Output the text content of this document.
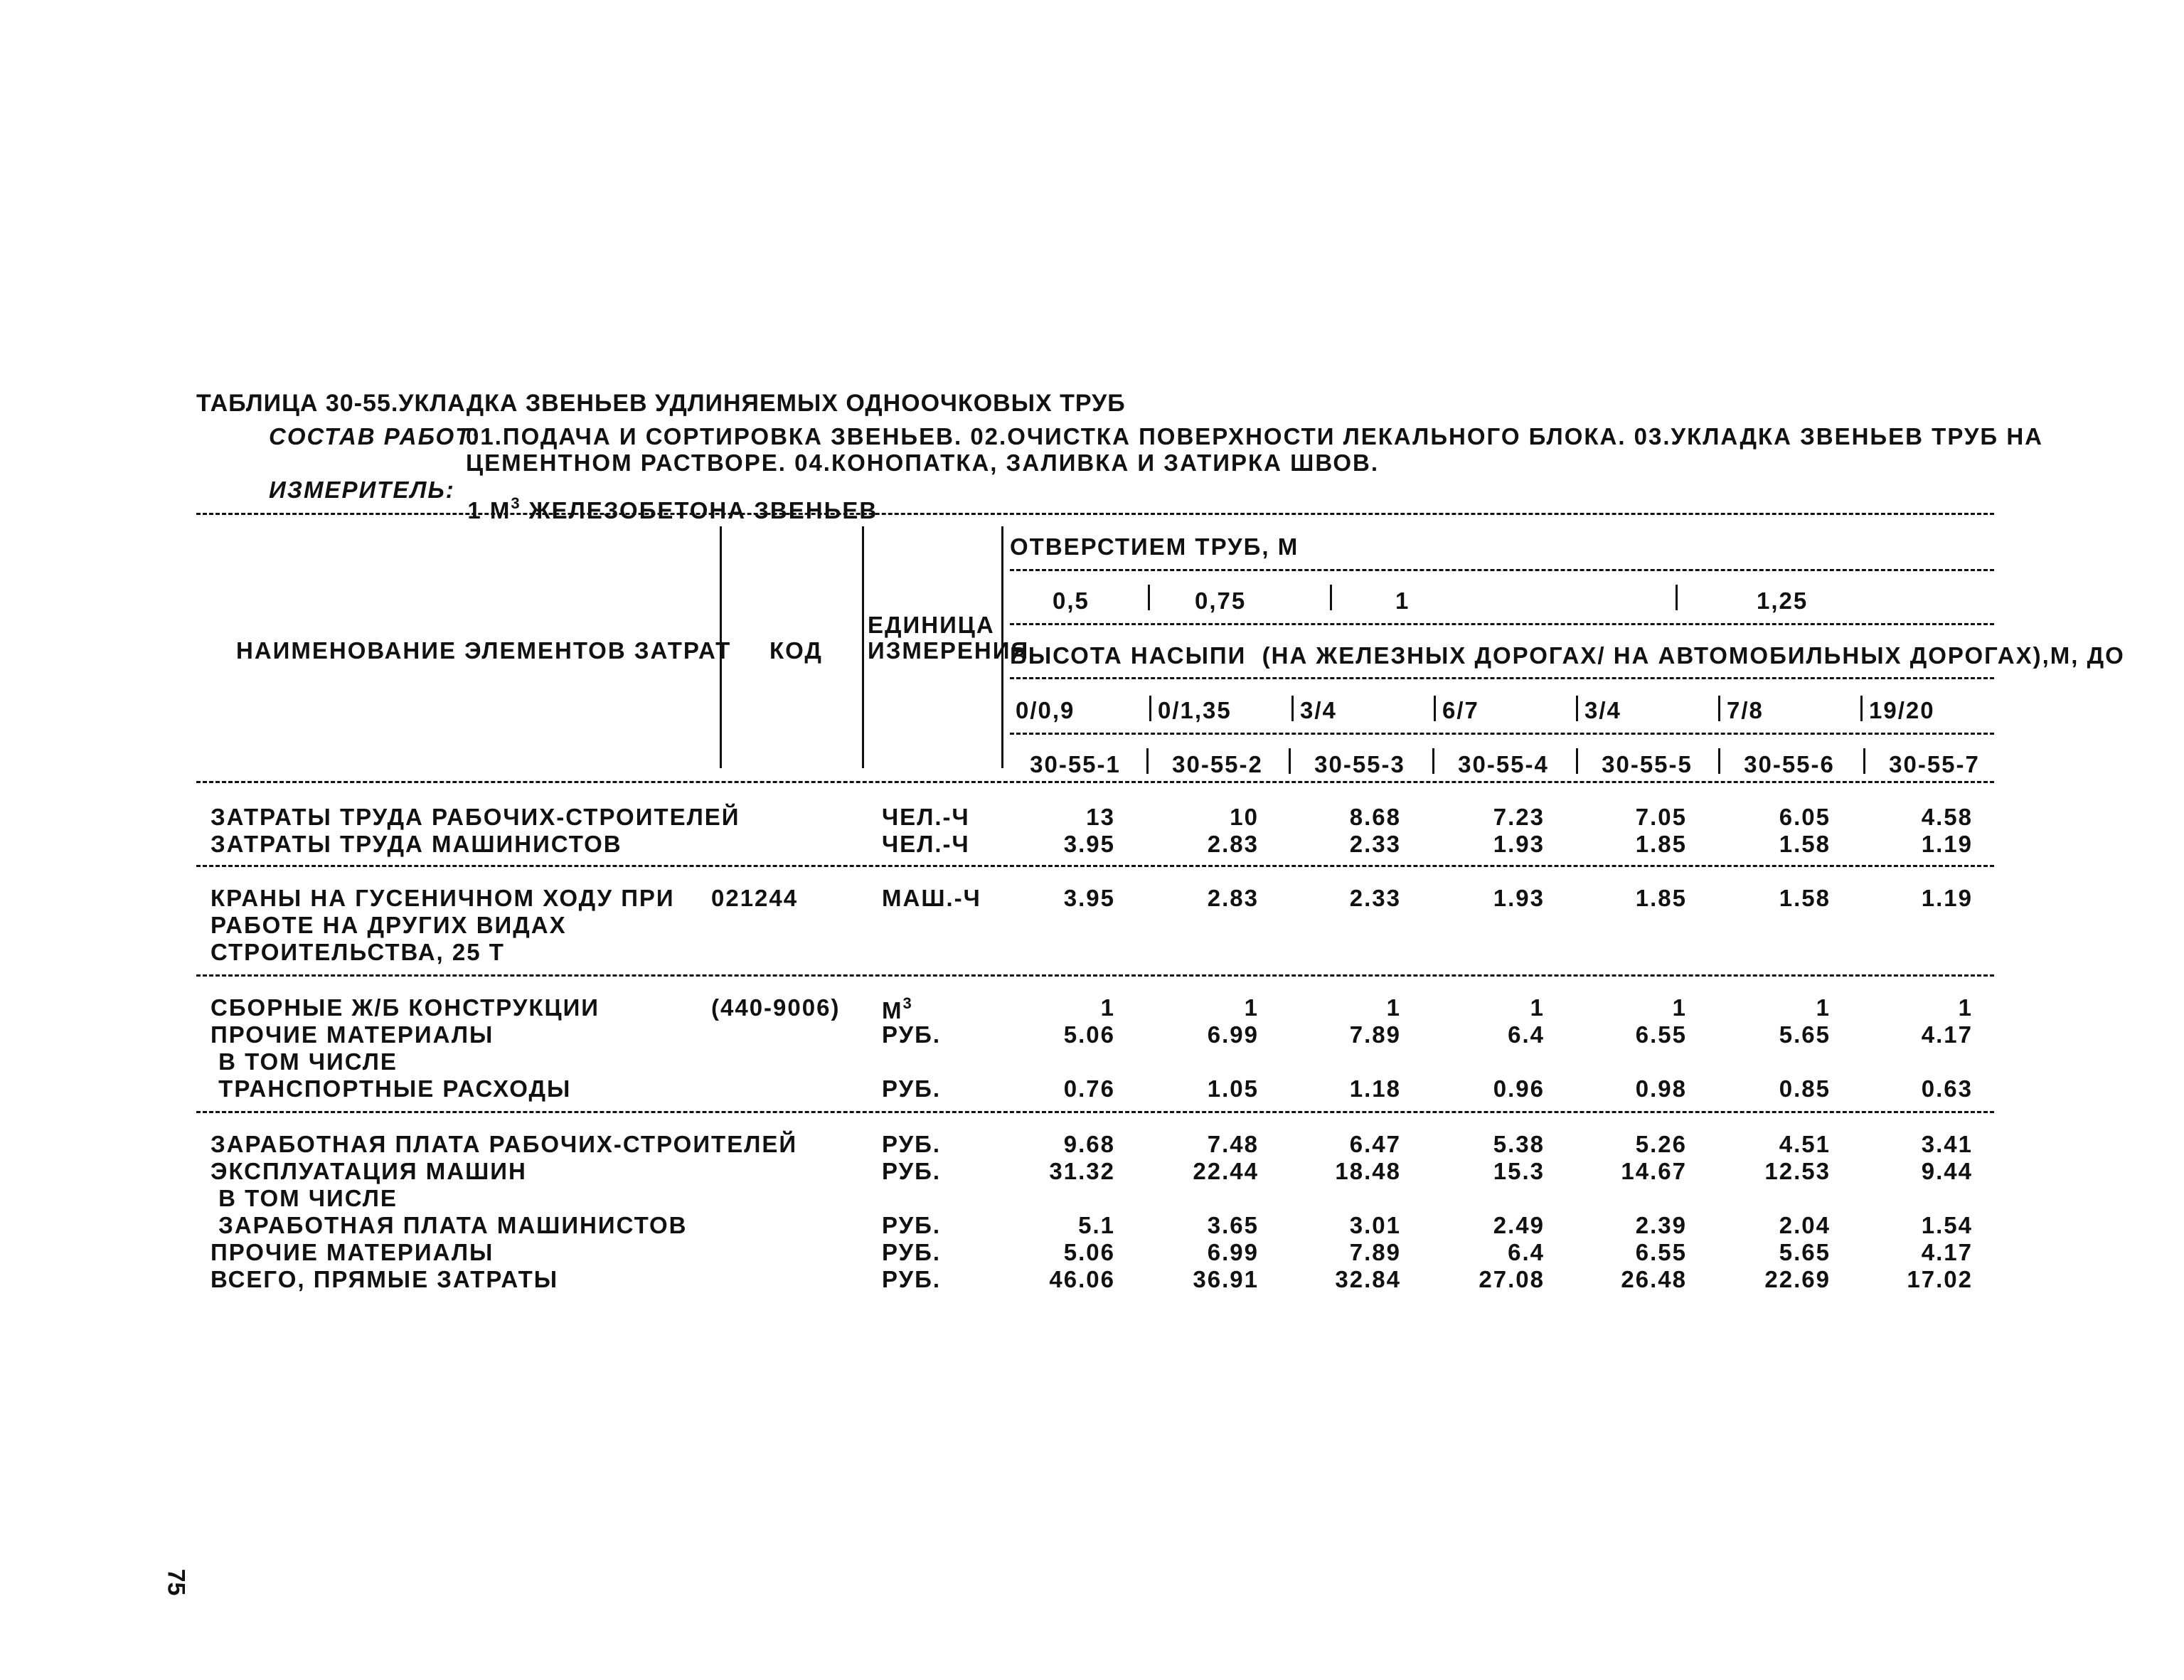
ТАБЛИЦА 30-55.УКЛАДКА ЗВЕНЬЕВ УДЛИНЯЕМЫХ ОДНООЧКОВЫХ ТРУБ
СОСТАВ РАБОТ:
01.ПОДАЧА И СОРТИРОВКА ЗВЕНЬЕВ. 02.ОЧИСТКА ПОВЕРХНОСТИ ЛЕКАЛЬНОГО БЛОКА. 03.УКЛАДКА ЗВЕНЬЕВ ТРУБ НА
ЦЕМЕНТНОМ РАСТВОРЕ. 04.КОНОПАТКА, ЗАЛИВКА И ЗАТИРКА ШВОВ.
ИЗМЕРИТЕЛЬ:

1 $М^3$ ЖЕЛЕЗОБЕТОНА ЗВЕНЬЕВ

НАИМЕНОВАНИЕ ЭЛЕМЕНТОВ ЗАТРАТ КОД
ЕДИНИЦА
ИЗМЕРЕНИЯ
ОТВЕРСТИЕМ ТРУБ, М
0,5	0,75	1	1,25
ВЫСОТА НАСЫПИ  (НА ЖЕЛЕЗНЫХ ДОРОГАХ/ НА АВТОМОБИЛЬНЫХ ДОРОГАХ),М, ДО
75
0/0,9	0/1,35	3/4	6/7	3/4	7/8	19/20
30-55-1	30-55-2	30-55-3	30-55-4	30-55-5	30-55-6	30-55-7
ЗАТРАТЫ ТРУДА РАБОЧИХ-СТРОИТЕЛЕЙ	ЧЕЛ.-Ч	13	10	8.68	7.23	7.05	6.05	4.58
ЗАТРАТЫ ТРУДА МАШИНИСТОВ	ЧЕЛ.-Ч	3.95	2.83	2.33	1.93	1.85	1.58	1.19
КРАНЫ НА ГУСЕНИЧНОМ ХОДУ ПРИ 021244	МАШ.-Ч	3.95	2.83	2.33	1.93	1.85	1.58	1.19
РАБОТЕ НА ДРУГИХ ВИДАХ
СТРОИТЕЛЬСТВА, 25 Т
СБОРНЫЕ Ж/Б КОНСТРУКЦИИ	(440-9006) $М^3$	1	1	1	1	1	1	1
ПРОЧИЕ МАТЕРИАЛЫ	РУБ.	5.06	6.99	7.89	6.4	6.55	5.65	4.17
В ТОМ ЧИСЛЕ
ТРАНСПОРТНЫЕ РАСХОДЫ	РУБ.	0.76	1.05	1.18	0.96	0.98	0.85	0.63
ЗАРАБОТНАЯ ПЛАТА РАБОЧИХ-СТРОИТЕЛЕЙ	РУБ.	9.68	7.48	6.47	5.38	5.26	4.51	3.41
ЭКСПЛУАТАЦИЯ МАШИН	РУБ.	31.32	22.44	18.48	15.3	14.67	12.53	9.44
В ТОМ ЧИСЛЕ
ЗАРАБОТНАЯ ПЛАТА МАШИНИСТОВ	РУБ.	5.1	3.65	3.01	2.49	2.39	2.04	1.54
ПРОЧИЕ МАТЕРИАЛЫ	РУБ.	5.06	6.99	7.89	6.4	6.55	5.65	4.17
ВСЕГО, ПРЯМЫЕ ЗАТРАТЫ	РУБ.	46.06	36.91	32.84	27.08	26.48	22.69	17.02
